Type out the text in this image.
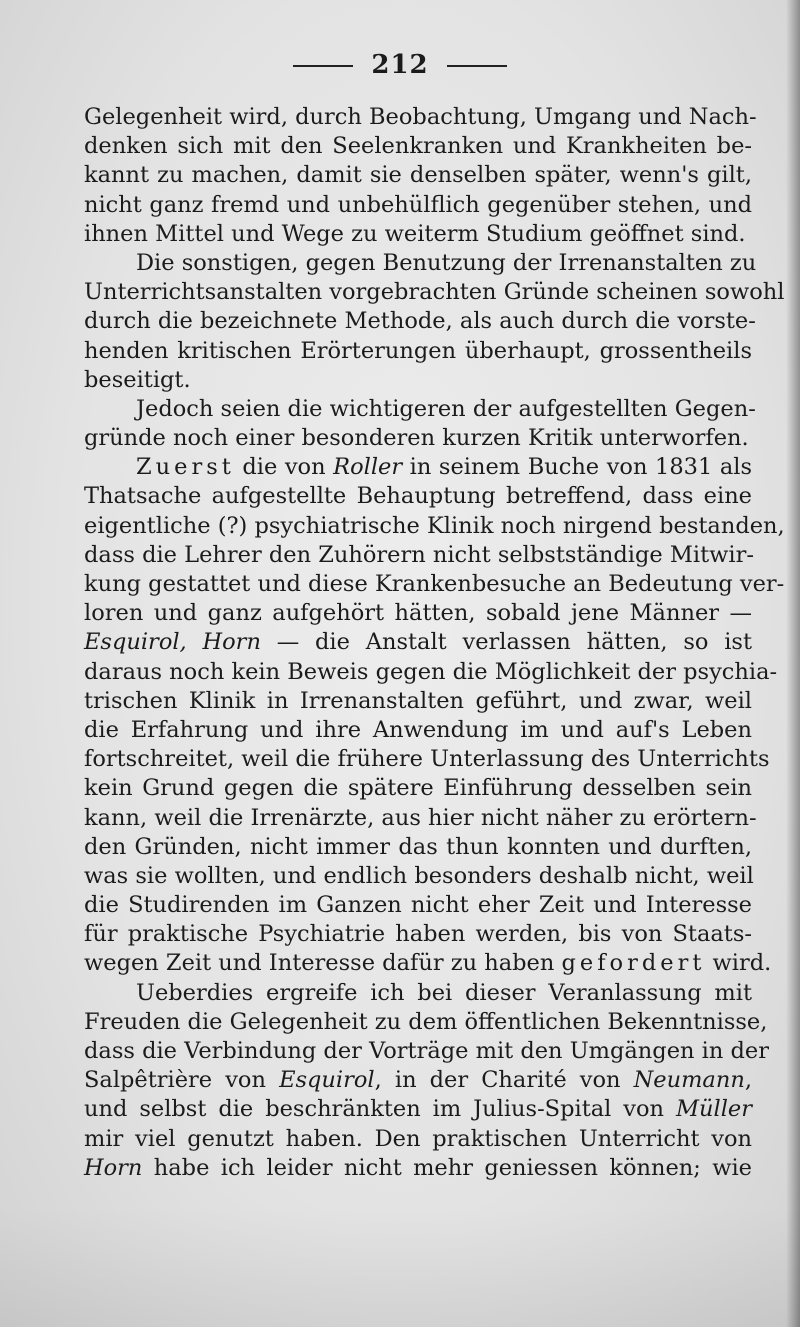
212
Gelegenheit wird, durch Beobachtung, Umgang und Nach-
denken sich mit den Seelenkranken und Krankheiten be-
kannt zu machen, damit sie denselben später, wenn's gilt,
nicht ganz fremd und unbehülflich gegenüber stehen, und
ihnen Mittel und Wege zu weiterm Studium geöffnet sind.
Die sonstigen, gegen Benutzung der Irrenanstalten zu
Unterrichtsanstalten vorgebrachten Gründe scheinen sowohl
durch die bezeichnete Methode, als auch durch die vorste-
henden kritischen Erörterungen überhaupt, grossentheils
beseitigt.
Jedoch seien die wichtigeren der aufgestellten Gegen-
gründe noch einer besonderen kurzen Kritik unterworfen.
Zuerst die von Roller in seinem Buche von 1831 als
Thatsache aufgestellte Behauptung betreffend, dass eine
eigentliche (?) psychiatrische Klinik noch nirgend bestanden,
dass die Lehrer den Zuhörern nicht selbstständige Mitwir-
kung gestattet und diese Krankenbesuche an Bedeutung ver-
loren und ganz aufgehört hätten, sobald jene Männer —
Esquirol, Horn — die Anstalt verlassen hätten, so ist
daraus noch kein Beweis gegen die Möglichkeit der psychia-
trischen Klinik in Irrenanstalten geführt, und zwar, weil
die Erfahrung und ihre Anwendung im und auf's Leben
fortschreitet, weil die frühere Unterlassung des Unterrichts
kein Grund gegen die spätere Einführung desselben sein
kann, weil die Irrenärzte, aus hier nicht näher zu erörtern-
den Gründen, nicht immer das thun konnten und durften,
was sie wollten, und endlich besonders deshalb nicht, weil
die Studirenden im Ganzen nicht eher Zeit und Interesse
für praktische Psychiatrie haben werden, bis von Staats-
wegen Zeit und Interesse dafür zu haben gefordert wird.
Ueberdies ergreife ich bei dieser Veranlassung mit
Freuden die Gelegenheit zu dem öffentlichen Bekenntnisse,
dass die Verbindung der Vorträge mit den Umgängen in der
Salpêtrière von Esquirol, in der Charité von Neumann,
und selbst die beschränkten im Julius-Spital von Müller
mir viel genutzt haben. Den praktischen Unterricht von
Horn habe ich leider nicht mehr geniessen können; wie
